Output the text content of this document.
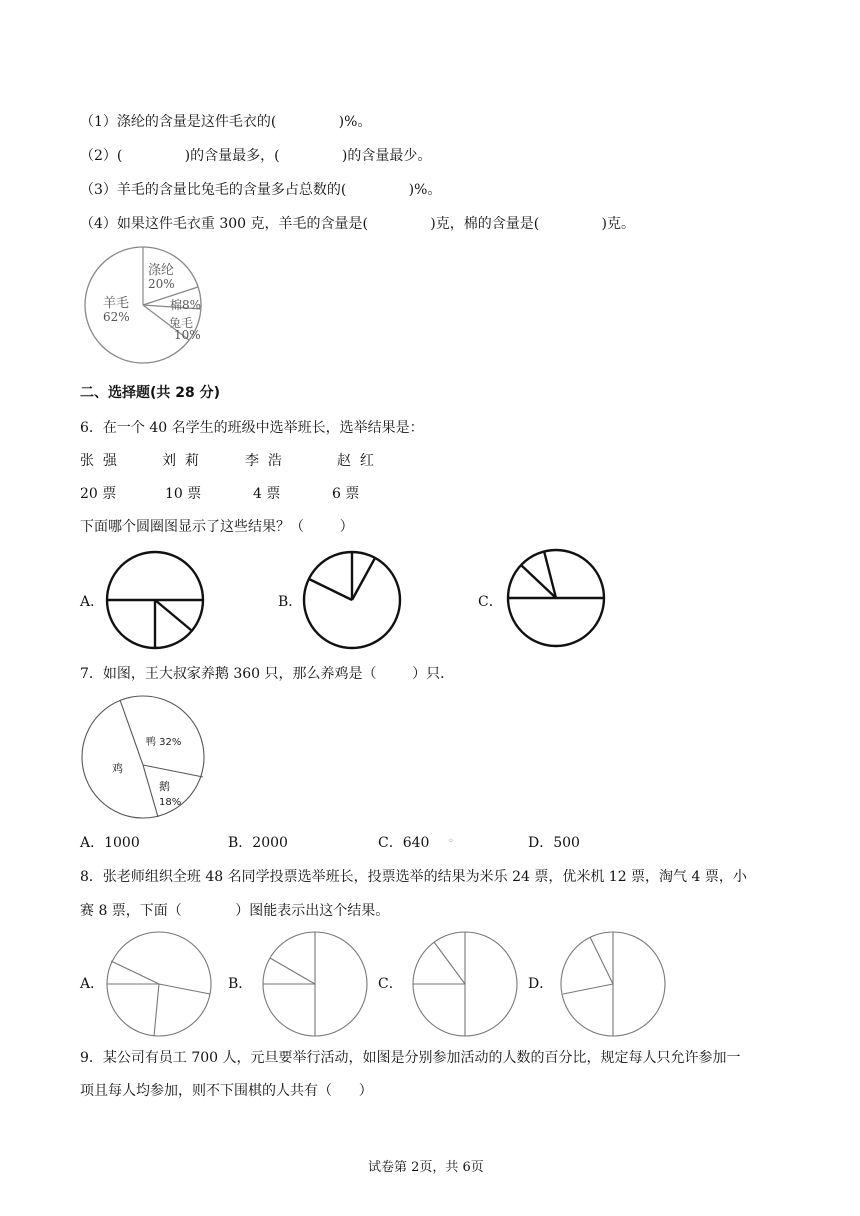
（1）涤纶的含量是这件毛衣的(              )%。
（2）(              )的含量最多，(              )的含量最少。
（3）羊毛的含量比兔毛的含量多占总数的(              )%。
（4）如果这件毛衣重 300 克，羊毛的含量是(              )克，棉的含量是(              )克。
涤纶
20%
棉8%
兔毛
10%
羊毛
62%
二、选择题(共 28 分)
6．在一个 40 名学生的班级中选举班长，选举结果是：
张  强	刘  莉	李  浩	赵  红
20 票	10 票	4 票	6 票
下面哪个圆圈图显示了这些结果？（        ）
A．	B．	C．
7．如图，王大叔家养鹅 360 只，那么养鸡是（        ）只．
鸭 32%
鸡
鹅
18%
A．1000	B．2000	C．640 ◦	D．500
8．张老师组织全班 48 名同学投票选举班长，投票选举的结果为米乐 24 票，优米机 12 票，淘气 4 票，小
赛 8 票，下面（            ）图能表示出这个结果。
A．	B．	C．	D．
9．某公司有员工 700 人，元旦要举行活动，如图是分别参加活动的人数的百分比，规定每人只允许参加一
项且每人均参加，则不下围棋的人共有（      ）
试卷第 2页，共 6页
